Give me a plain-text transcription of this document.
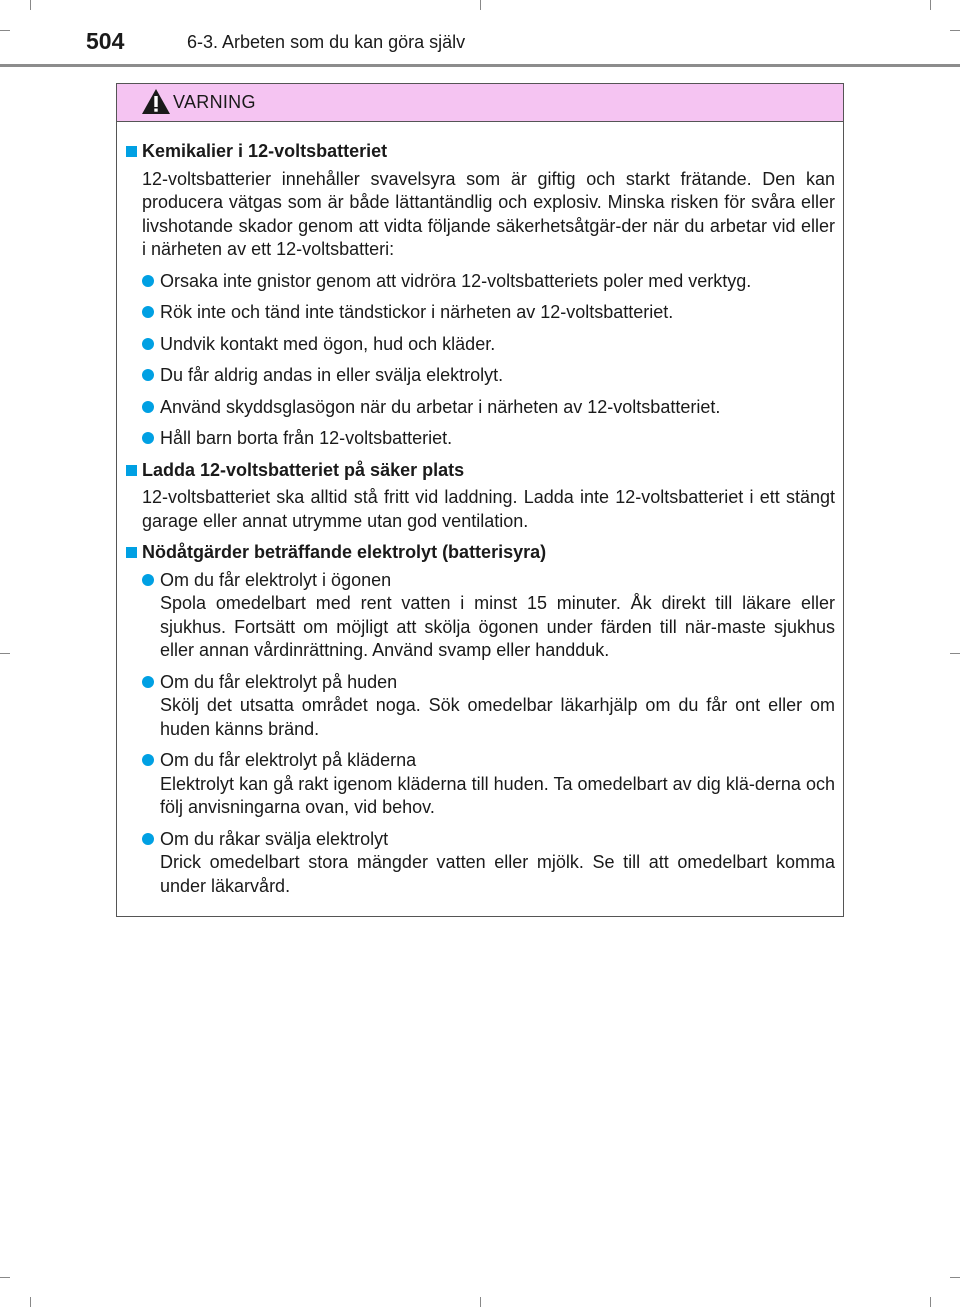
504	6-3. Arbeten som du kan göra själv
VARNING
Kemikalier i 12-voltsbatteriet
12-voltsbatterier innehåller svavelsyra som är giftig och starkt frätande. Den kan producera vätgas som är både lättantändlig och explosiv. Minska risken för svåra eller livshotande skador genom att vidta följande säkerhetsåtgär-der när du arbetar vid eller i närheten av ett 12-voltsbatteri:
Orsaka inte gnistor genom att vidröra 12-voltsbatteriets poler med verktyg.
Rök inte och tänd inte tändstickor i närheten av 12-voltsbatteriet.
Undvik kontakt med ögon, hud och kläder.
Du får aldrig andas in eller svälja elektrolyt.
Använd skyddsglasögon när du arbetar i närheten av 12-voltsbatteriet.
Håll barn borta från 12-voltsbatteriet.
Ladda 12-voltsbatteriet på säker plats
12-voltsbatteriet ska alltid stå fritt vid laddning. Ladda inte 12-voltsbatteriet i ett stängt garage eller annat utrymme utan god ventilation.
Nödåtgärder beträffande elektrolyt (batterisyra)
Om du får elektrolyt i ögonen
Spola omedelbart med rent vatten i minst 15 minuter. Åk direkt till läkare eller sjukhus. Fortsätt om möjligt att skölja ögonen under färden till när-maste sjukhus eller annan vårdinrättning. Använd svamp eller handduk.
Om du får elektrolyt på huden
Skölj det utsatta området noga. Sök omedelbar läkarhjälp om du får ont eller om huden känns bränd.
Om du får elektrolyt på kläderna
Elektrolyt kan gå rakt igenom kläderna till huden. Ta omedelbart av dig klä-derna och följ anvisningarna ovan, vid behov.
Om du råkar svälja elektrolyt
Drick omedelbart stora mängder vatten eller mjölk. Se till att omedelbart komma under läkarvård.
